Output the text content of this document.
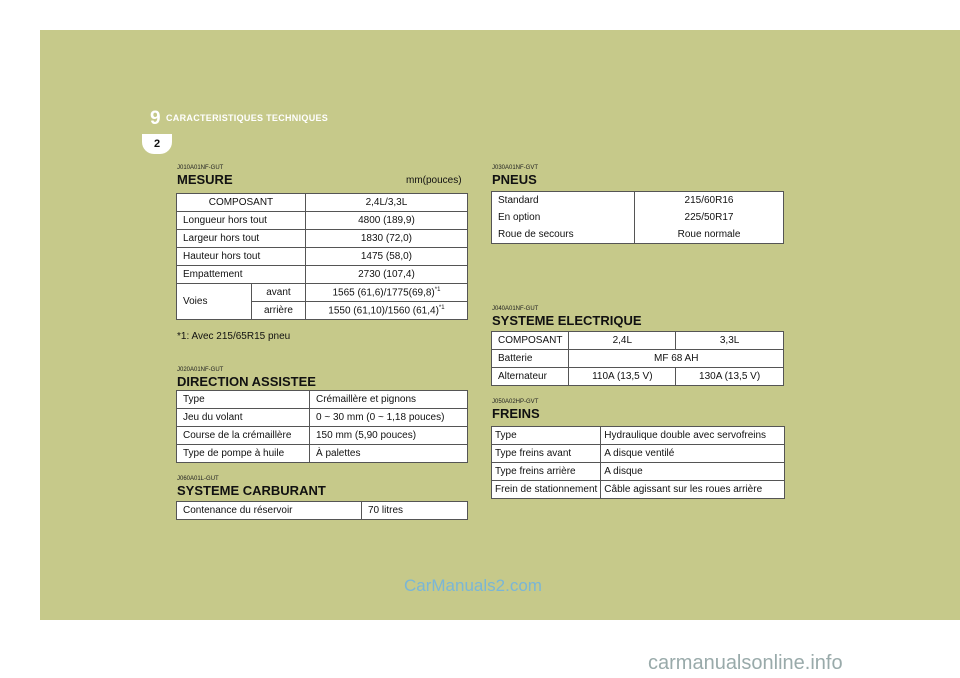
9 CARACTERISTIQUES TECHNIQUES
2
J010A01NF-GUT
MESURE	mm(pouces)
COMPOSANT		2,4L/3,3L
Longueur hors tout		4800 (189,9)
Largeur hors tout		1830 (72,0)
Hauteur hors tout		1475 (58,0)
Empattement		2730 (107,4)
Voies	avant	1565 $(61,6)/1775(69,8)^{*1}$
	arrière	1550 (61,10)/1560 $(61,4)^{*1}$
*1: Avec 215/65R15 pneu
J020A01NF-GUT
DIRECTION ASSISTEE
Type	Crémaillère et pignons
Jeu du volant	0 ~ 30 mm (0 ~ 1,18 pouces)
Course de la crémaillère	150 mm (5,90 pouces)
Type de pompe à huile	À palettes
J060A01L-GUT
SYSTEME CARBURANT
Contenance du réservoir	70 litres
J030A01NF-GVT
PNEUS
Standard	215/60R16
En option	225/50R17
Roue de secours	Roue normale
J040A01NF-GUT
SYSTEME ELECTRIQUE
COMPOSANT	2,4L	3,3L
Batterie	MF 68 AH	
Alternateur	110A (13,5 V)	130A (13,5 V)
J050A02HP-GVT
FREINS
Type	Hydraulique double avec servofreins
Type freins avant	A disque ventilé
Type freins arrière	A disque
Frein de stationnement	Câble agissant sur les roues arrière
CarManuals2.com
carmanualsonline.info
